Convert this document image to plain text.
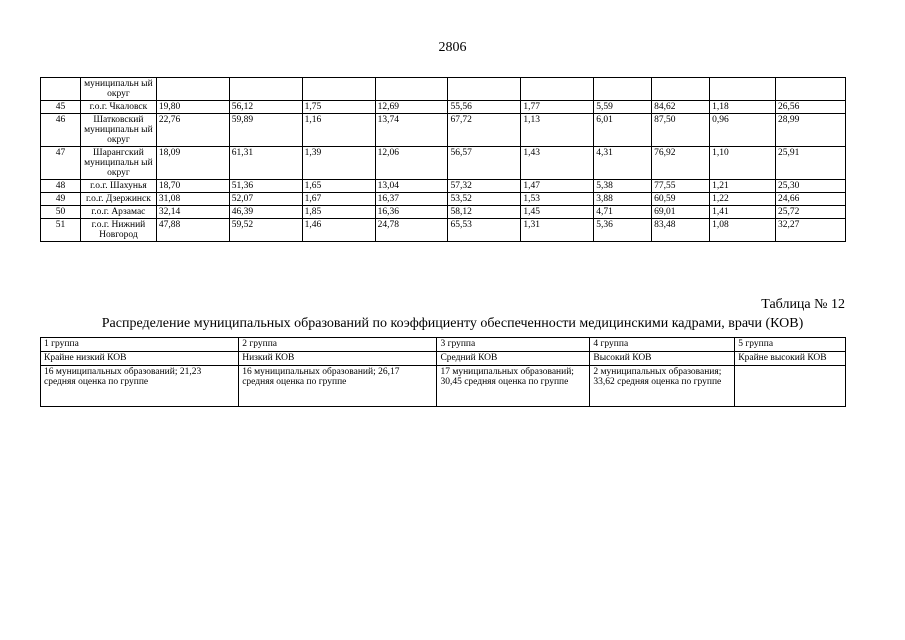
2806
	муниципальн ый округ										
45	г.о.г. Чкаловск	19,80	56,12	1,75	12,69	55,56	1,77	5,59	84,62	1,18	26,56
46	Шатковский муниципальн ый округ	22,76	59,89	1,16	13,74	67,72	1,13	6,01	87,50	0,96	28,99
47	Шарангский муниципальн ый округ	18,09	61,31	1,39	12,06	56,57	1,43	4,31	76,92	1,10	25,91
48	г.о.г. Шахунья	18,70	51,36	1,65	13,04	57,32	1,47	5,38	77,55	1,21	25,30
49	г.о.г. Дзержинск	31,08	52,07	1,67	16,37	53,52	1,53	3,88	60,59	1,22	24,66
50	г.о.г. Арзамас	32,14	46,39	1,85	16,36	58,12	1,45	4,71	69,01	1,41	25,72
51	г.о.г. Нижний Новгород	47,88	59,52	1,46	24,78	65,53	1,31	5,36	83,48	1,08	32,27
Таблица № 12
Распределение муниципальных образований по коэффициенту обеспеченности медицинскими кадрами, врачи (КОВ)
1 группа	2 группа	3 группа	4 группа	5 группа
Крайне низкий КОВ	Низкий КОВ	Средний КОВ	Высокий КОВ	Крайне высокий КОВ
16 муниципальных образований; 21,23 средняя оценка по группе	16 муниципальных образований; 26,17 средняя оценка по группе	17 муниципальных образований; 30,45 средняя оценка по группе	2 муниципальных образования; 33,62 средняя оценка по группе	
